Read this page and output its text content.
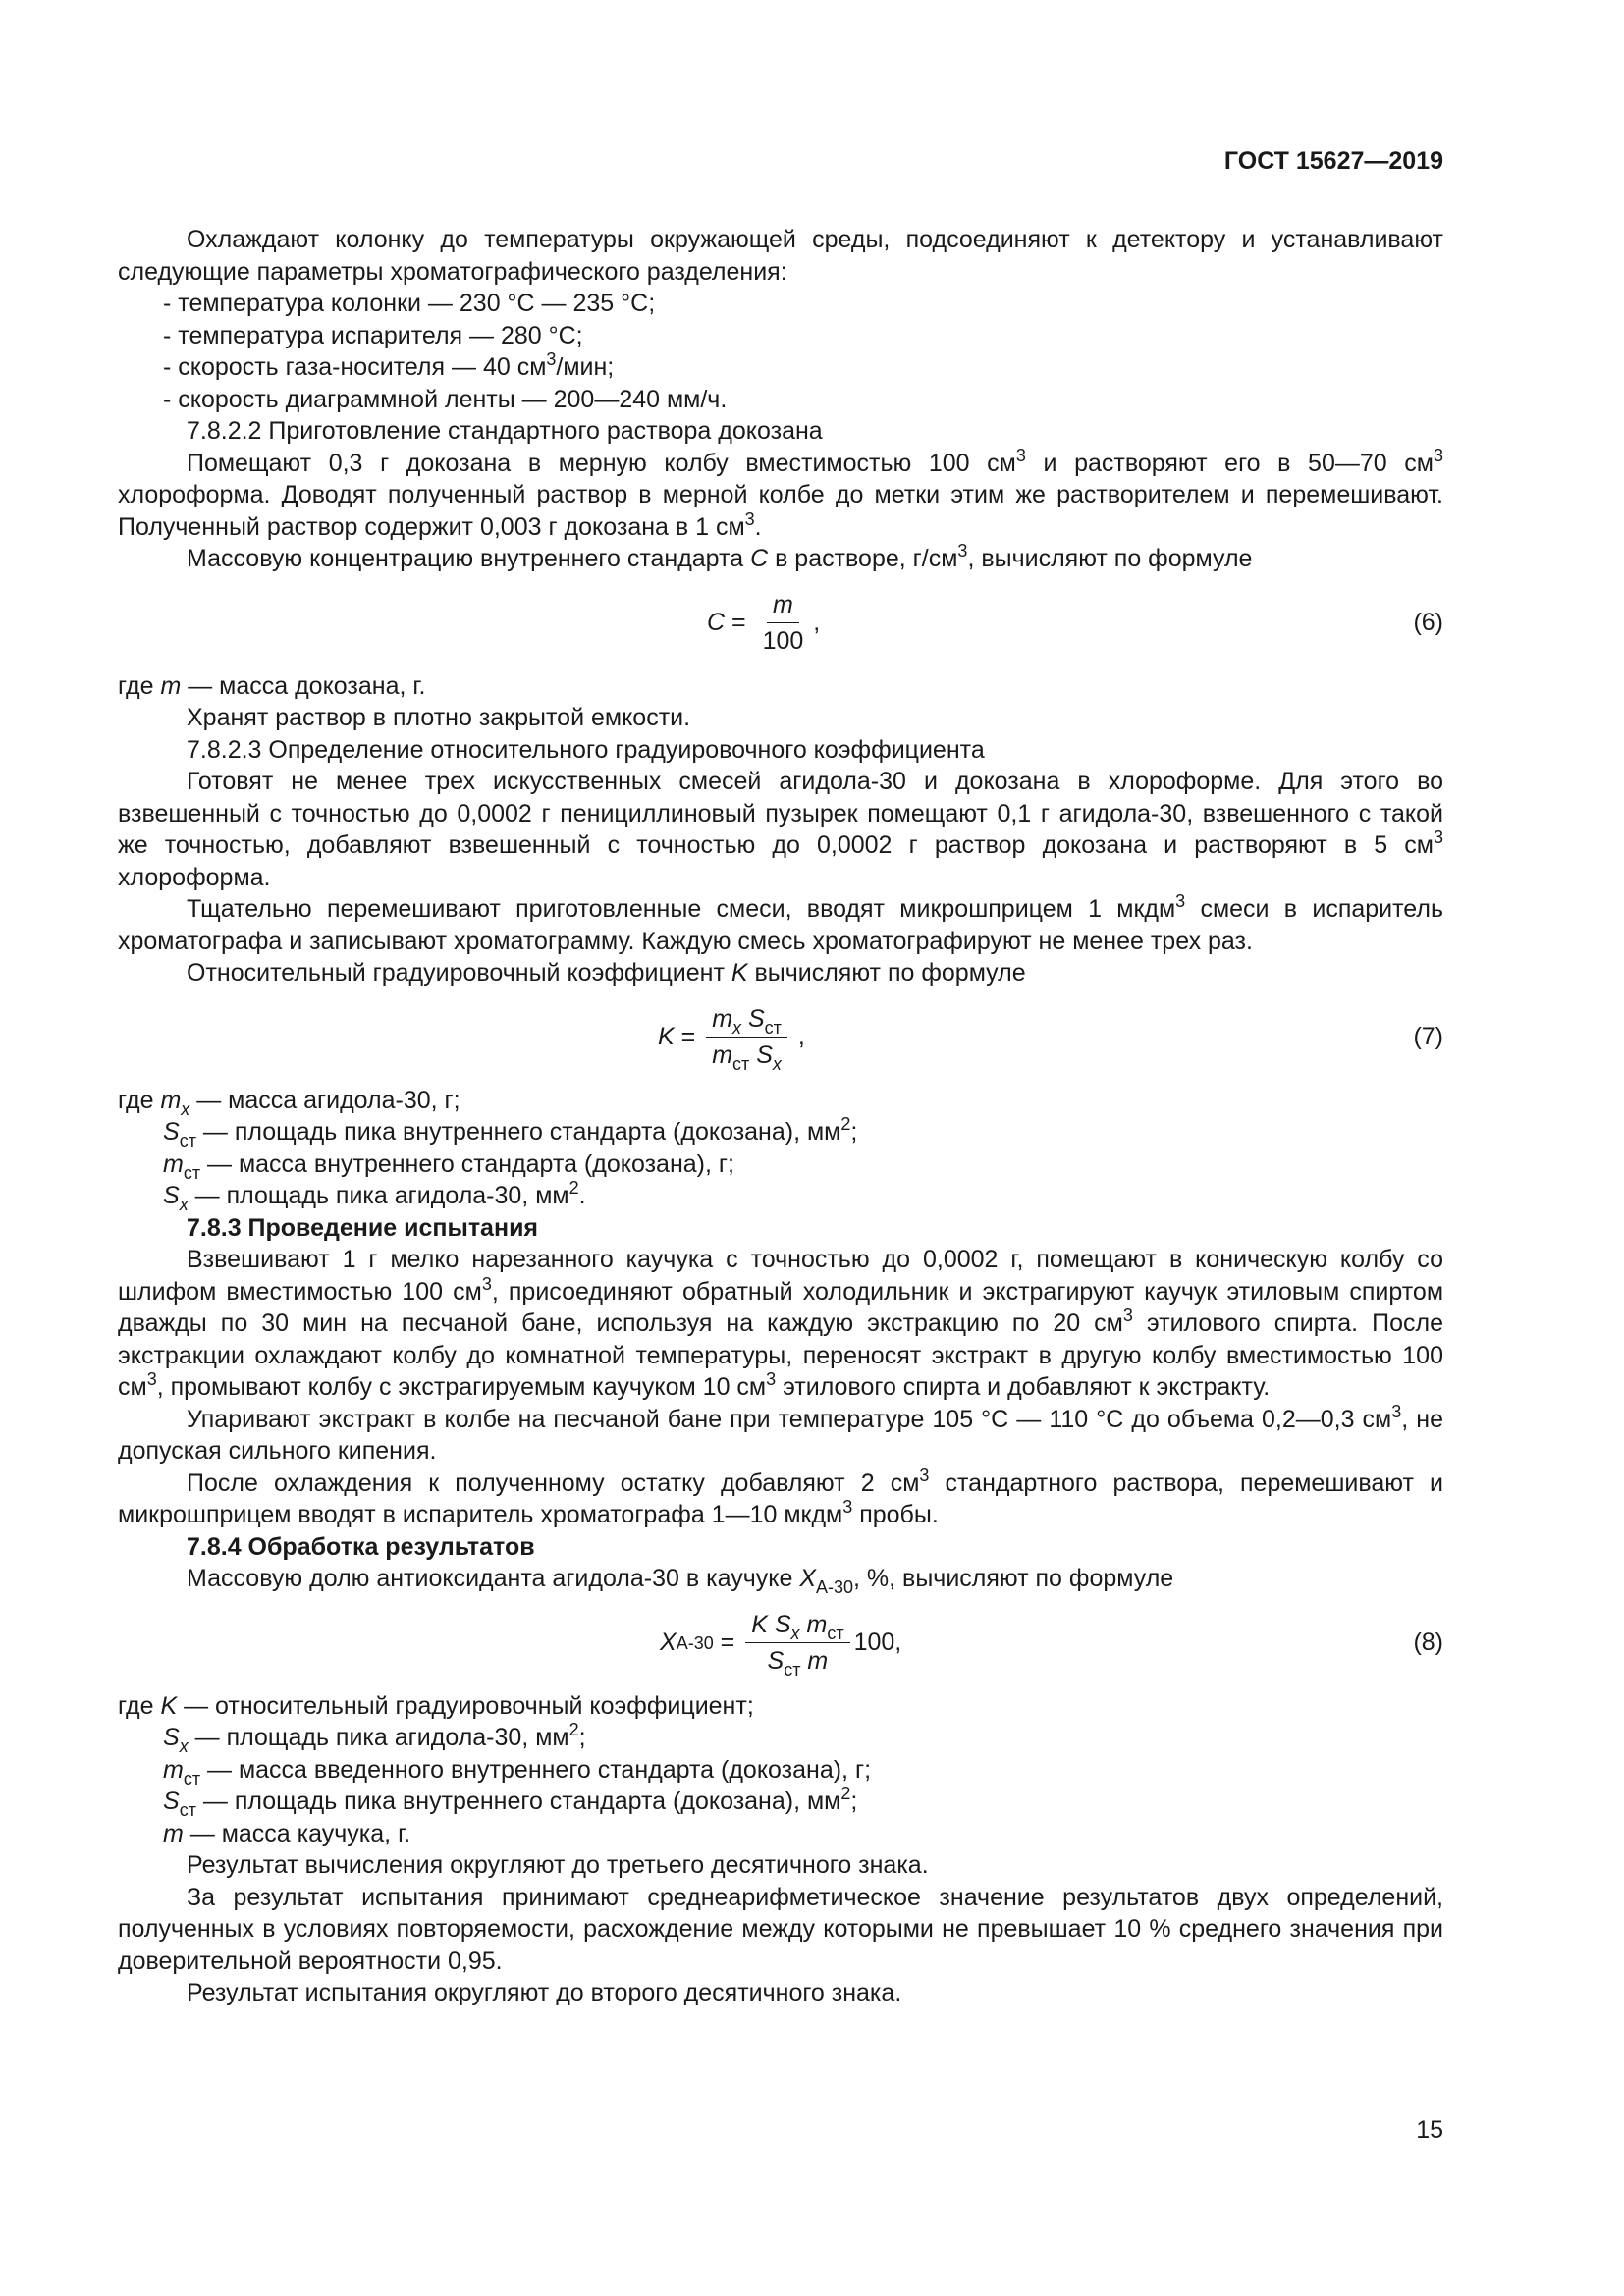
ГОСТ 15627—2019

Охлаждают колонку до температуры окружающей среды, подсоединяют к детектору и устанавливают следующие параметры хроматографического разделения:

- температура колонки — 230 °С — 235 °С;

- температура испарителя — 280 °С;

- скорость газа-носителя — 40 $см^3$/мин;

- скорость диаграммной ленты — 200—240 мм/ч.

7.8.2.2 Приготовление стандартного раствора докозана

Помещают 0,3 г докозана в мерную колбу вместимостью 100 $см^3$ и растворяют его в 50—70 $см^3$ хлороформа. Доводят полученный раствор в мерной колбе до метки этим же растворителем и перемешивают. Полученный раствор содержит 0,003 г докозана в 1 $см^3$.

Массовую концентрацию внутреннего стандарта C в растворе, $г/см^3$, вычисляют по формуле

$C = \frac{m}{100}$ ,	(6)

где m — масса докозана, г.

Хранят раствор в плотно закрытой емкости.

7.8.2.3 Определение относительного градуировочного коэффициента

Готовят не менее трех искусственных смесей агидола-30 и докозана в хлороформе. Для этого во взвешенный с точностью до 0,0002 г пенициллиновый пузырек помещают 0,1 г агидола-30, взвешенного с такой же точностью, добавляют взвешенный с точностью до 0,0002 г раствор докозана и растворяют в 5 $см^3$ хлороформа.

Тщательно перемешивают приготовленные смеси, вводят микрошприцем 1 мкдм$^3$ смеси в испаритель хроматографа и записывают хроматограмму. Каждую смесь хроматографируют не менее трех раз.

Относительный градуировочный коэффициент K вычисляют по формуле

$K = \frac{m_x S_{ст}}{m_{ст} S_x}$ ,	(7)

где $m_x$ — масса агидола-30, г;

$S_{ст}$ — площадь пика внутреннего стандарта (докозана), $мм^2$;

$m_{ст}$ — масса внутреннего стандарта (докозана), г;

$S_x$ — площадь пика агидола-30, $мм^2$.

7.8.3 Проведение испытания

Взвешивают 1 г мелко нарезанного каучука с точностью до 0,0002 г, помещают в коническую колбу со шлифом вместимостью 100 $см^3$, присоединяют обратный холодильник и экстрагируют каучук этиловым спиртом дважды по 30 мин на песчаной бане, используя на каждую экстракцию по 20 $см^3$ этилового спирта. После экстракции охлаждают колбу до комнатной температуры, переносят экстракт в другую колбу вместимостью 100 $см^3$, промывают колбу с экстрагируемым каучуком 10 $см^3$ этилового спирта и добавляют к экстракту.

Упаривают экстракт в колбе на песчаной бане при температуре 105 °С — 110 °С до объема 0,2—0,3 $см^3$, не допуская сильного кипения.

После охлаждения к полученному остатку добавляют 2 $см^3$ стандартного раствора, перемешивают и микрошприцем вводят в испаритель хроматографа 1—10 мкдм$^3$ пробы.

7.8.4 Обработка результатов

Массовую долю антиоксиданта агидола-30 в каучуке $X_{А-30}$, %, вычисляют по формуле

X $А-30 = \frac{K S_x m_{ст}}{S_{ст} m} 100$,	(8)

где K — относительный градуировочный коэффициент;

$S_x$ — площадь пика агидола-30, $мм^2$;

$m_{ст}$ — масса введенного внутреннего стандарта (докозана), г;

$S_{ст}$ — площадь пика внутреннего стандарта (докозана), $мм^2$;

m — масса каучука, г.

Результат вычисления округляют до третьего десятичного знака.

За результат испытания принимают среднеарифметическое значение результатов двух определений, полученных в условиях повторяемости, расхождение между которыми не превышает 10 % среднего значения при доверительной вероятности 0,95.

Результат испытания округляют до второго десятичного знака.

15
